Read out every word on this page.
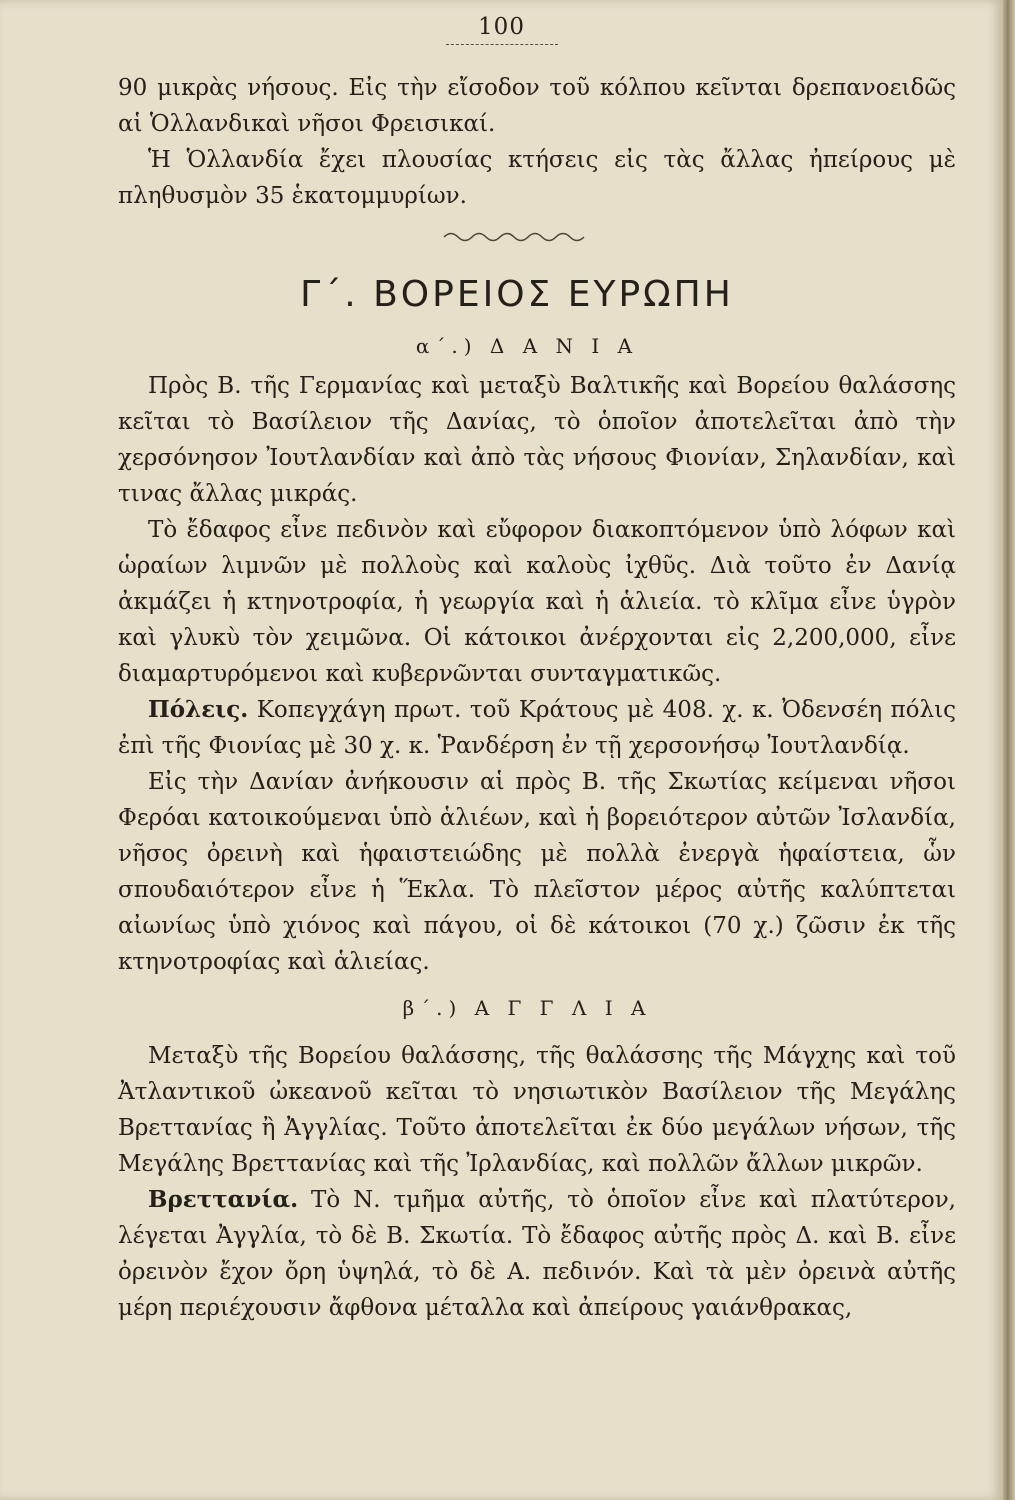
100

90 μικρὰς νήσους. Εἰς τὴν εἴσοδον τοῦ κόλπου κεῖνται δρεπανοειδῶς αἱ Ὁλλανδικαὶ νῆσοι Φρεισικαί.

Ἡ Ὁλλανδία ἔχει πλουσίας κτήσεις εἰς τὰς ἄλλας ἠπείρους μὲ πληθυσμὸν 35 ἑκατομμυρίων.

Γ΄. ΒΟΡΕΙΟΣ ΕΥΡΩΠΗ
α΄.) Δ Α Ν Ι Α

Πρὸς Β. τῆς Γερμανίας καὶ μεταξὺ Βαλτικῆς καὶ Βορείου θαλάσσης κεῖται τὸ Βασίλειον τῆς Δανίας, τὸ ὁποῖον ἀποτελεῖται ἀπὸ τὴν χερσόνησον Ἰουτλανδίαν καὶ ἀπὸ τὰς νήσους Φιονίαν, Σηλανδίαν, καὶ τινας ἄλλας μικράς.

Τὸ ἔδαφος εἶνε πεδινὸν καὶ εὔφορον διακοπτόμενον ὑπὸ λόφων καὶ ὡραίων λιμνῶν μὲ πολλοὺς καὶ καλοὺς ἰχθῦς. Διὰ τοῦτο ἐν Δανίᾳ ἀκμάζει ἡ κτηνοτροφία, ἡ γεωργία καὶ ἡ ἁλιεία. τὸ κλῖμα εἶνε ὑγρὸν καὶ γλυκὺ τὸν χειμῶνα. Οἱ κάτοικοι ἀνέρχονται εἰς 2,200,000, εἶνε διαμαρτυρόμενοι καὶ κυβερνῶνται συνταγματικῶς.

Πόλεις. Κοπεγχάγη πρωτ. τοῦ Κράτους μὲ 408. χ. κ. Ὀδενσέη πόλις ἐπὶ τῆς Φιονίας μὲ 30 χ. κ. Ῥανδέρση ἐν τῇ χερσονήσῳ Ἰουτλανδίᾳ.

Εἰς τὴν Δανίαν ἀνήκουσιν αἱ πρὸς Β. τῆς Σκωτίας κείμεναι νῆσοι Φερόαι κατοικούμεναι ὑπὸ ἁλιέων, καὶ ἡ βορειότερον αὐτῶν Ἰσλανδία, νῆσος ὀρεινὴ καὶ ἡφαιστειώδης μὲ πολλὰ ἐνεργὰ ἡφαίστεια, ὧν σπουδαιότερον εἶνε ἡ Ἕκλα. Τὸ πλεῖστον μέρος αὐτῆς καλύπτεται αἰωνίως ὑπὸ χιόνος καὶ πάγου, οἱ δὲ κάτοικοι (70 χ.) ζῶσιν ἐκ τῆς κτηνοτροφίας καὶ ἁλιείας.

β΄.) Α Γ Γ Λ Ι Α

Μεταξὺ τῆς Βορείου θαλάσσης, τῆς θαλάσσης τῆς Μάγχης καὶ τοῦ Ἀτλαντικοῦ ὠκεανοῦ κεῖται τὸ νησιωτικὸν Βασίλειον τῆς Μεγάλης Βρεττανίας ἢ Ἀγγλίας. Τοῦτο ἀποτελεῖται ἐκ δύο μεγάλων νήσων, τῆς Μεγάλης Βρεττανίας καὶ τῆς Ἰρλανδίας, καὶ πολλῶν ἄλλων μικρῶν.

Βρεττανία. Τὸ Ν. τμῆμα αὐτῆς, τὸ ὁποῖον εἶνε καὶ πλατύτερον, λέγεται Ἀγγλία, τὸ δὲ Β. Σκωτία. Τὸ ἔδαφος αὐτῆς πρὸς Δ. καὶ Β. εἶνε ὀρεινὸν ἔχον ὄρη ὑψηλά, τὸ δὲ Α. πεδινόν. Καὶ τὰ μὲν ὀρεινὰ αὐτῆς μέρη περιέχουσιν ἄφθονα μέταλλα καὶ ἀπείρους γαιάνθρακας,
